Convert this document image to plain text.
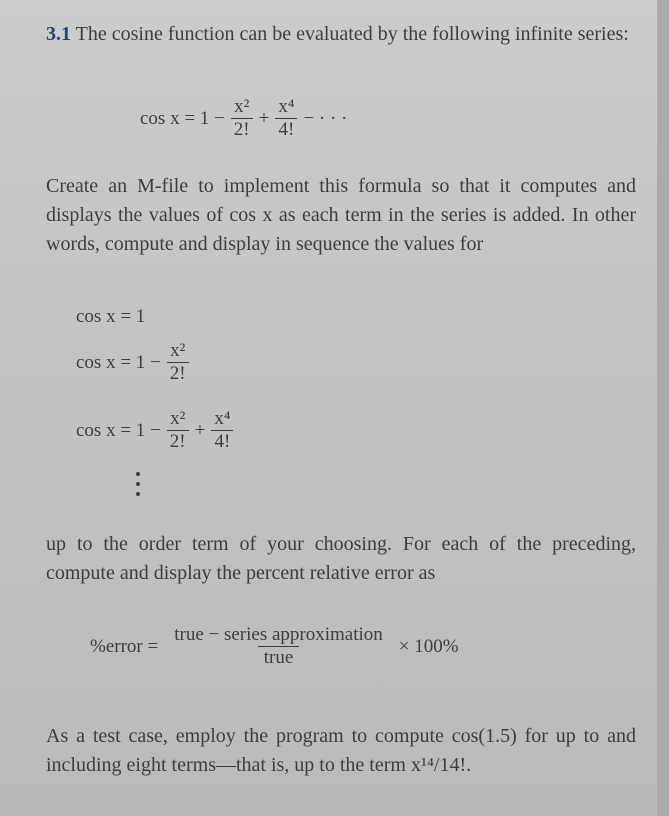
3.1 The cosine function can be evaluated by the following infinite series:

$\cos x = 1 - \frac{\text{x²}}{2!} + \frac{\text{x⁴}}{4!}$ − · · ·

Create an M-file to implement this formula so that it computes and displays the values of cos x as each term in the series is added. In other words, compute and display in sequence the values for

cos x = 1
$\cos x = 1 - \frac{\text{x²}}{2!}$
$\cos x = 1 - \frac{\text{x²}}{2!} + \frac{\text{x⁴}}{4!}$

up to the order term of your choosing. For each of the preceding, compute and display the percent relative error as

%error = $\frac{\text{true − series approximation}}{\text{true}} \times 100\%$

As a test case, employ the program to compute cos(1.5) for up to and including eight terms—that is, up to the term x¹⁴/14!.
